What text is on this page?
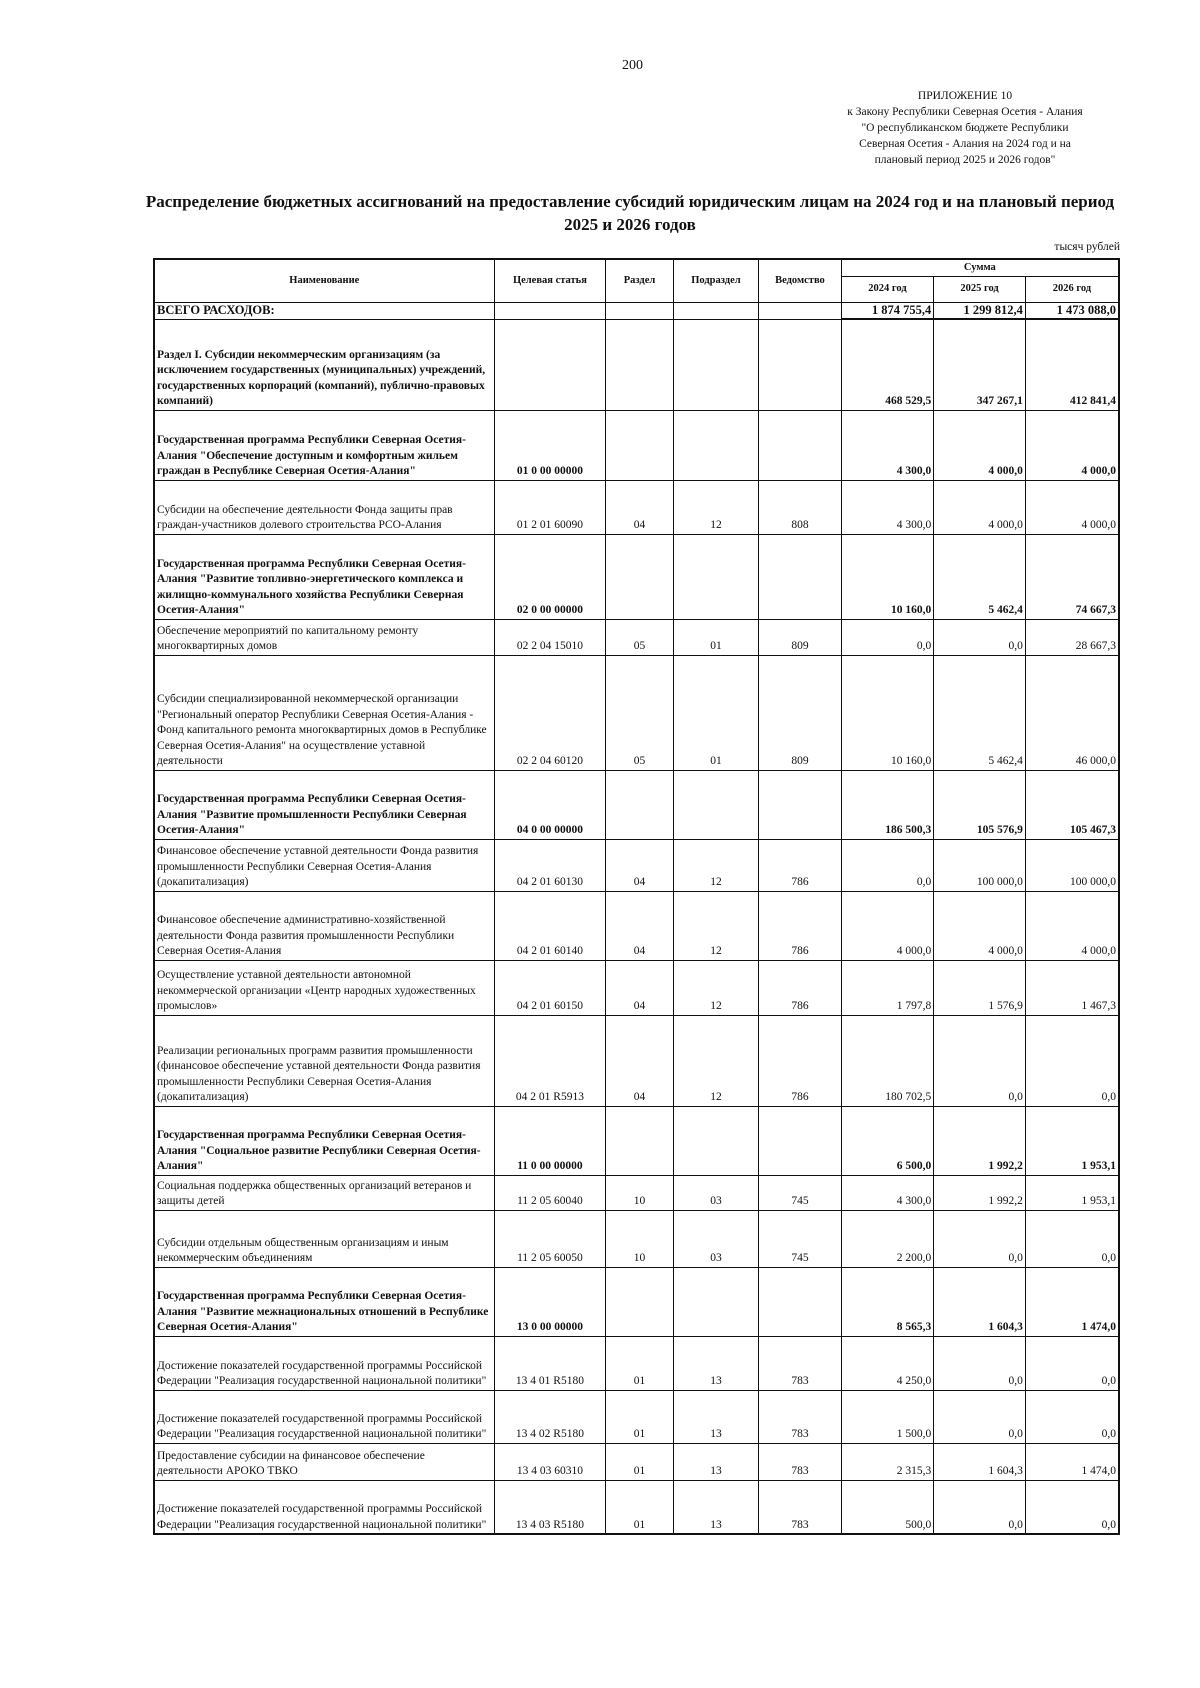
200
ПРИЛОЖЕНИЕ 10
к Закону Республики Северная Осетия - Алания
"О республиканском бюджете Республики
Северная Осетия - Алания на 2024 год и на
плановый период 2025 и 2026 годов"
Распределение бюджетных ассигнований на предоставление субсидий юридическим лицам на 2024 год и на плановый период 2025 и 2026 годов
тысяч рублей
Наименование	Целевая статья	Раздел	Подраздел	Ведомство	Сумма		
					2024 год	2025 год	2026 год
ВСЕГО РАСХОДОВ:					1 874 755,4	1 299 812,4	1 473 088,0
Раздел I. Субсидии некоммерческим организациям (за исключением государственных (муниципальных) учреждений, государственных корпораций (компаний), публично-правовых компаний)					468 529,5	347 267,1	412 841,4
Государственная программа Республики Северная Осетия-Алания "Обеспечение доступным и комфортным жильем граждан в Республике Северная Осетия-Алания"	01 0 00 00000				4 300,0	4 000,0	4 000,0
Субсидии на обеспечение деятельности Фонда защиты прав граждан-участников долевого строительства РСО-Алания	01 2 01 60090	04	12	808	4 300,0	4 000,0	4 000,0
Государственная программа Республики Северная Осетия-Алания "Развитие топливно-энергетического комплекса и жилищно-коммунального хозяйства Республики Северная Осетия-Алания"	02 0 00 00000				10 160,0	5 462,4	74 667,3
Обеспечение мероприятий по капитальному ремонту многоквартирных домов	02 2 04 15010	05	01	809	0,0	0,0	28 667,3
Субсидии специализированной некоммерческой организации "Региональный оператор Республики Северная Осетия-Алания - Фонд капитального ремонта многоквартирных домов в Республике Северная Осетия-Алания" на осуществление уставной деятельности	02 2 04 60120	05	01	809	10 160,0	5 462,4	46 000,0
Государственная программа Республики Северная Осетия-Алания "Развитие промышленности Республики Северная Осетия-Алания"	04 0 00 00000				186 500,3	105 576,9	105 467,3
Финансовое обеспечение уставной деятельности Фонда развития промышленности Республики Северная Осетия-Алания (докапитализация)	04 2 01 60130	04	12	786	0,0	100 000,0	100 000,0
Финансовое обеспечение административно-хозяйственной деятельности Фонда развития промышленности Республики Северная Осетия-Алания	04 2 01 60140	04	12	786	4 000,0	4 000,0	4 000,0
Осуществление уставной деятельности автономной некоммерческой организации «Центр народных художественных промыслов»	04 2 01 60150	04	12	786	1 797,8	1 576,9	1 467,3
Реализации региональных программ развития промышленности (финансовое обеспечение уставной деятельности Фонда развития промышленности Республики Северная Осетия-Алания (докапитализация)	04 2 01 R5913	04	12	786	180 702,5	0,0	0,0
Государственная программа Республики Северная Осетия-Алания "Социальное развитие Республики Северная Осетия-Алания"	11 0 00 00000				6 500,0	1 992,2	1 953,1
Социальная поддержка общественных организаций ветеранов и защиты детей	11 2 05 60040	10	03	745	4 300,0	1 992,2	1 953,1
Субсидии отдельным общественным организациям и иным некоммерческим объединениям	11 2 05 60050	10	03	745	2 200,0	0,0	0,0
Государственная программа Республики Северная Осетия-Алания "Развитие межнациональных отношений в Республике Северная Осетия-Алания"	13 0 00 00000				8 565,3	1 604,3	1 474,0
Достижение показателей государственной программы Российской Федерации "Реализация государственной национальной политики"	13 4 01 R5180	01	13	783	4 250,0	0,0	0,0
Достижение показателей государственной программы Российской Федерации "Реализация государственной национальной политики"	13 4 02 R5180	01	13	783	1 500,0	0,0	0,0
Предоставление субсидии на финансовое обеспечение деятельности АРОКО ТВКО	13 4 03 60310	01	13	783	2 315,3	1 604,3	1 474,0
Достижение показателей государственной программы Российской Федерации "Реализация государственной национальной политики"	13 4 03 R5180	01	13	783	500,0	0,0	0,0
